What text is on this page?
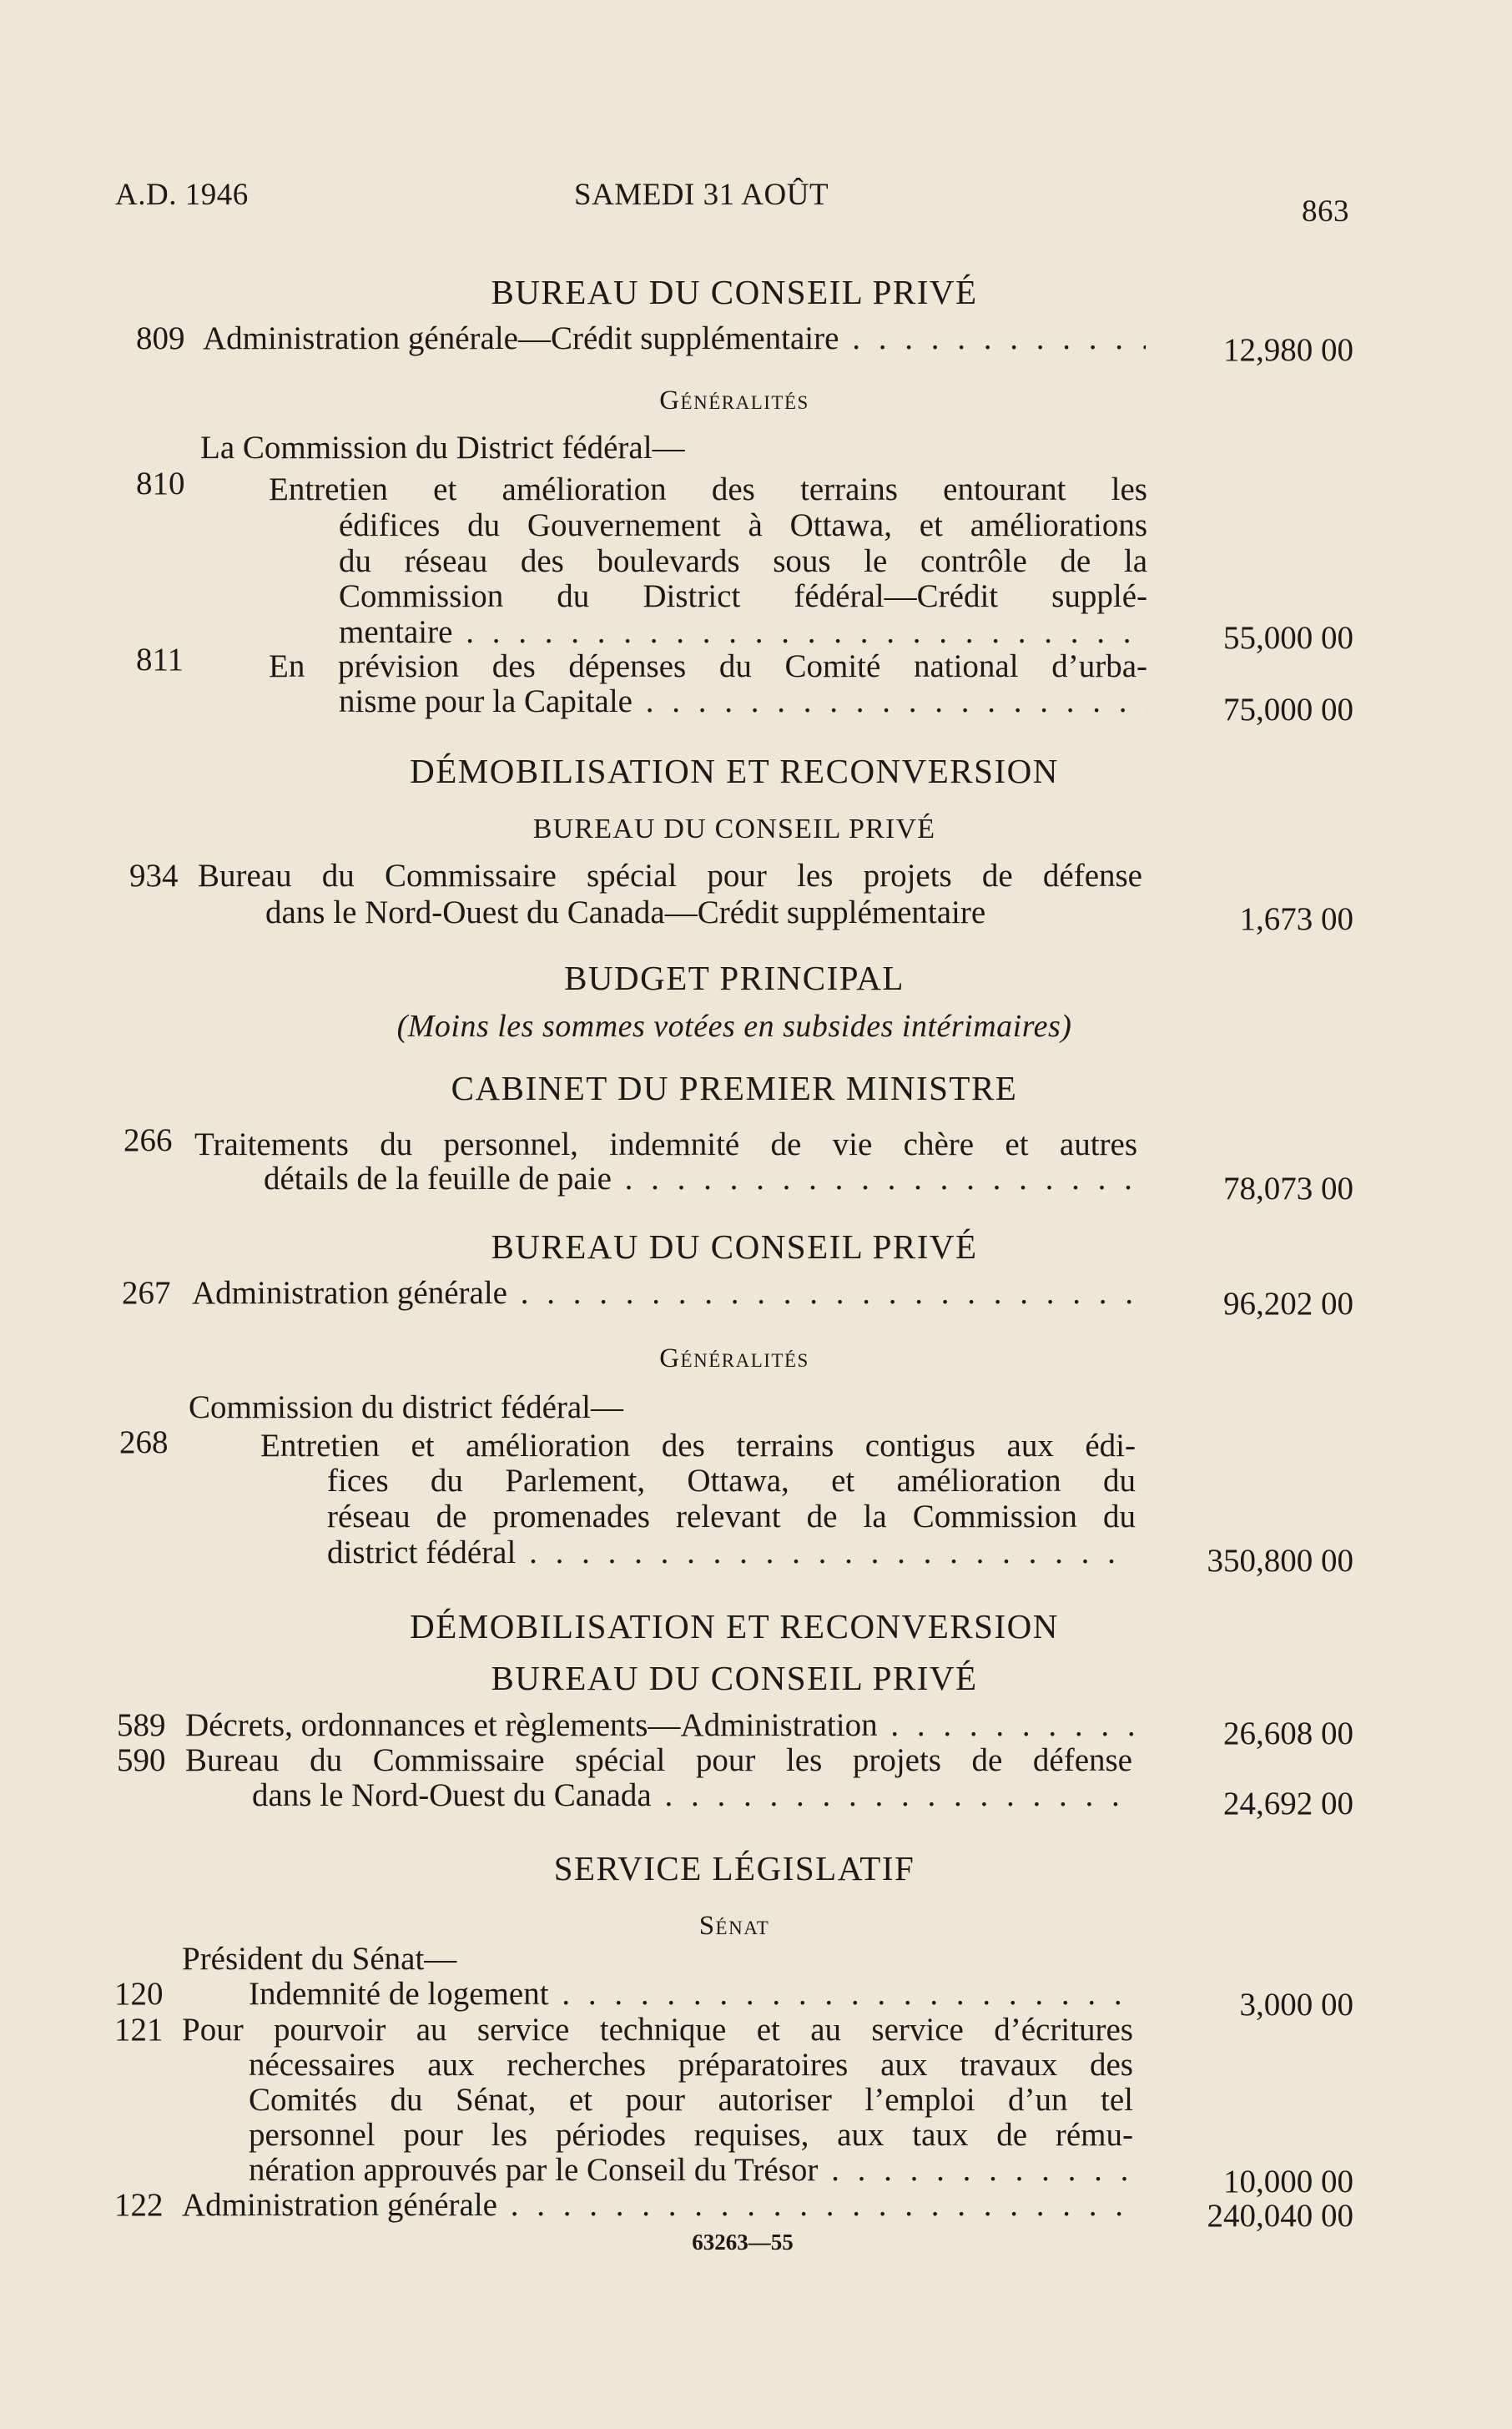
A.D. 1946	SAMEDI 31 AOÛT	863
BUREAU DU CONSEIL PRIVÉ
809 Administration générale—Crédit supplémentaire . . .	12,980 00
Généralités
La Commission du District fédéral—
810	Entretien et amélioration des terrains entourant les
édifices du Gouvernement à Ottawa, et améliorations
du réseau des boulevards sous le contrôle de la
Commission du District fédéral—Crédit supplé-
mentaire . . .	55,000 00
811	En prévision des dépenses du Comité national d’urba-
nisme pour la Capitale . . .	75,000 00
DÉMOBILISATION ET RECONVERSION
BUREAU DU CONSEIL PRIVÉ
934 Bureau du Commissaire spécial pour les projets de défense
dans le Nord-Ouest du Canada—Crédit supplémentaire	1,673 00
BUDGET PRINCIPAL
(Moins les sommes votées en subsides intérimaires)
CABINET DU PREMIER MINISTRE
266 Traitements du personnel, indemnité de vie chère et autres
détails de la feuille de paie . . .	78,073 00
BUREAU DU CONSEIL PRIVÉ
267 Administration générale . . .	96,202 00
Généralités
Commission du district fédéral—
268	Entretien et amélioration des terrains contigus aux édi-
fices du Parlement, Ottawa, et amélioration du
réseau de promenades relevant de la Commission du
district fédéral . . .	350,800 00
DÉMOBILISATION ET RECONVERSION
BUREAU DU CONSEIL PRIVÉ
589 Décrets, ordonnances et règlements—Administration . . .	26,608 00
590 Bureau du Commissaire spécial pour les projets de défense
dans le Nord-Ouest du Canada . . .	24,692 00
SERVICE LÉGISLATIF
Sénat
Président du Sénat—
120	Indemnité de logement . . .	3,000 00
121 Pour pourvoir au service technique et au service d’écritures
nécessaires aux recherches préparatoires aux travaux des
Comités du Sénat, et pour autoriser l’emploi d’un tel
personnel pour les périodes requises, aux taux de rému-
nération approuvés par le Conseil du Trésor . . .	10,000 00
122 Administration générale . . .	240,040 00
63263—55
